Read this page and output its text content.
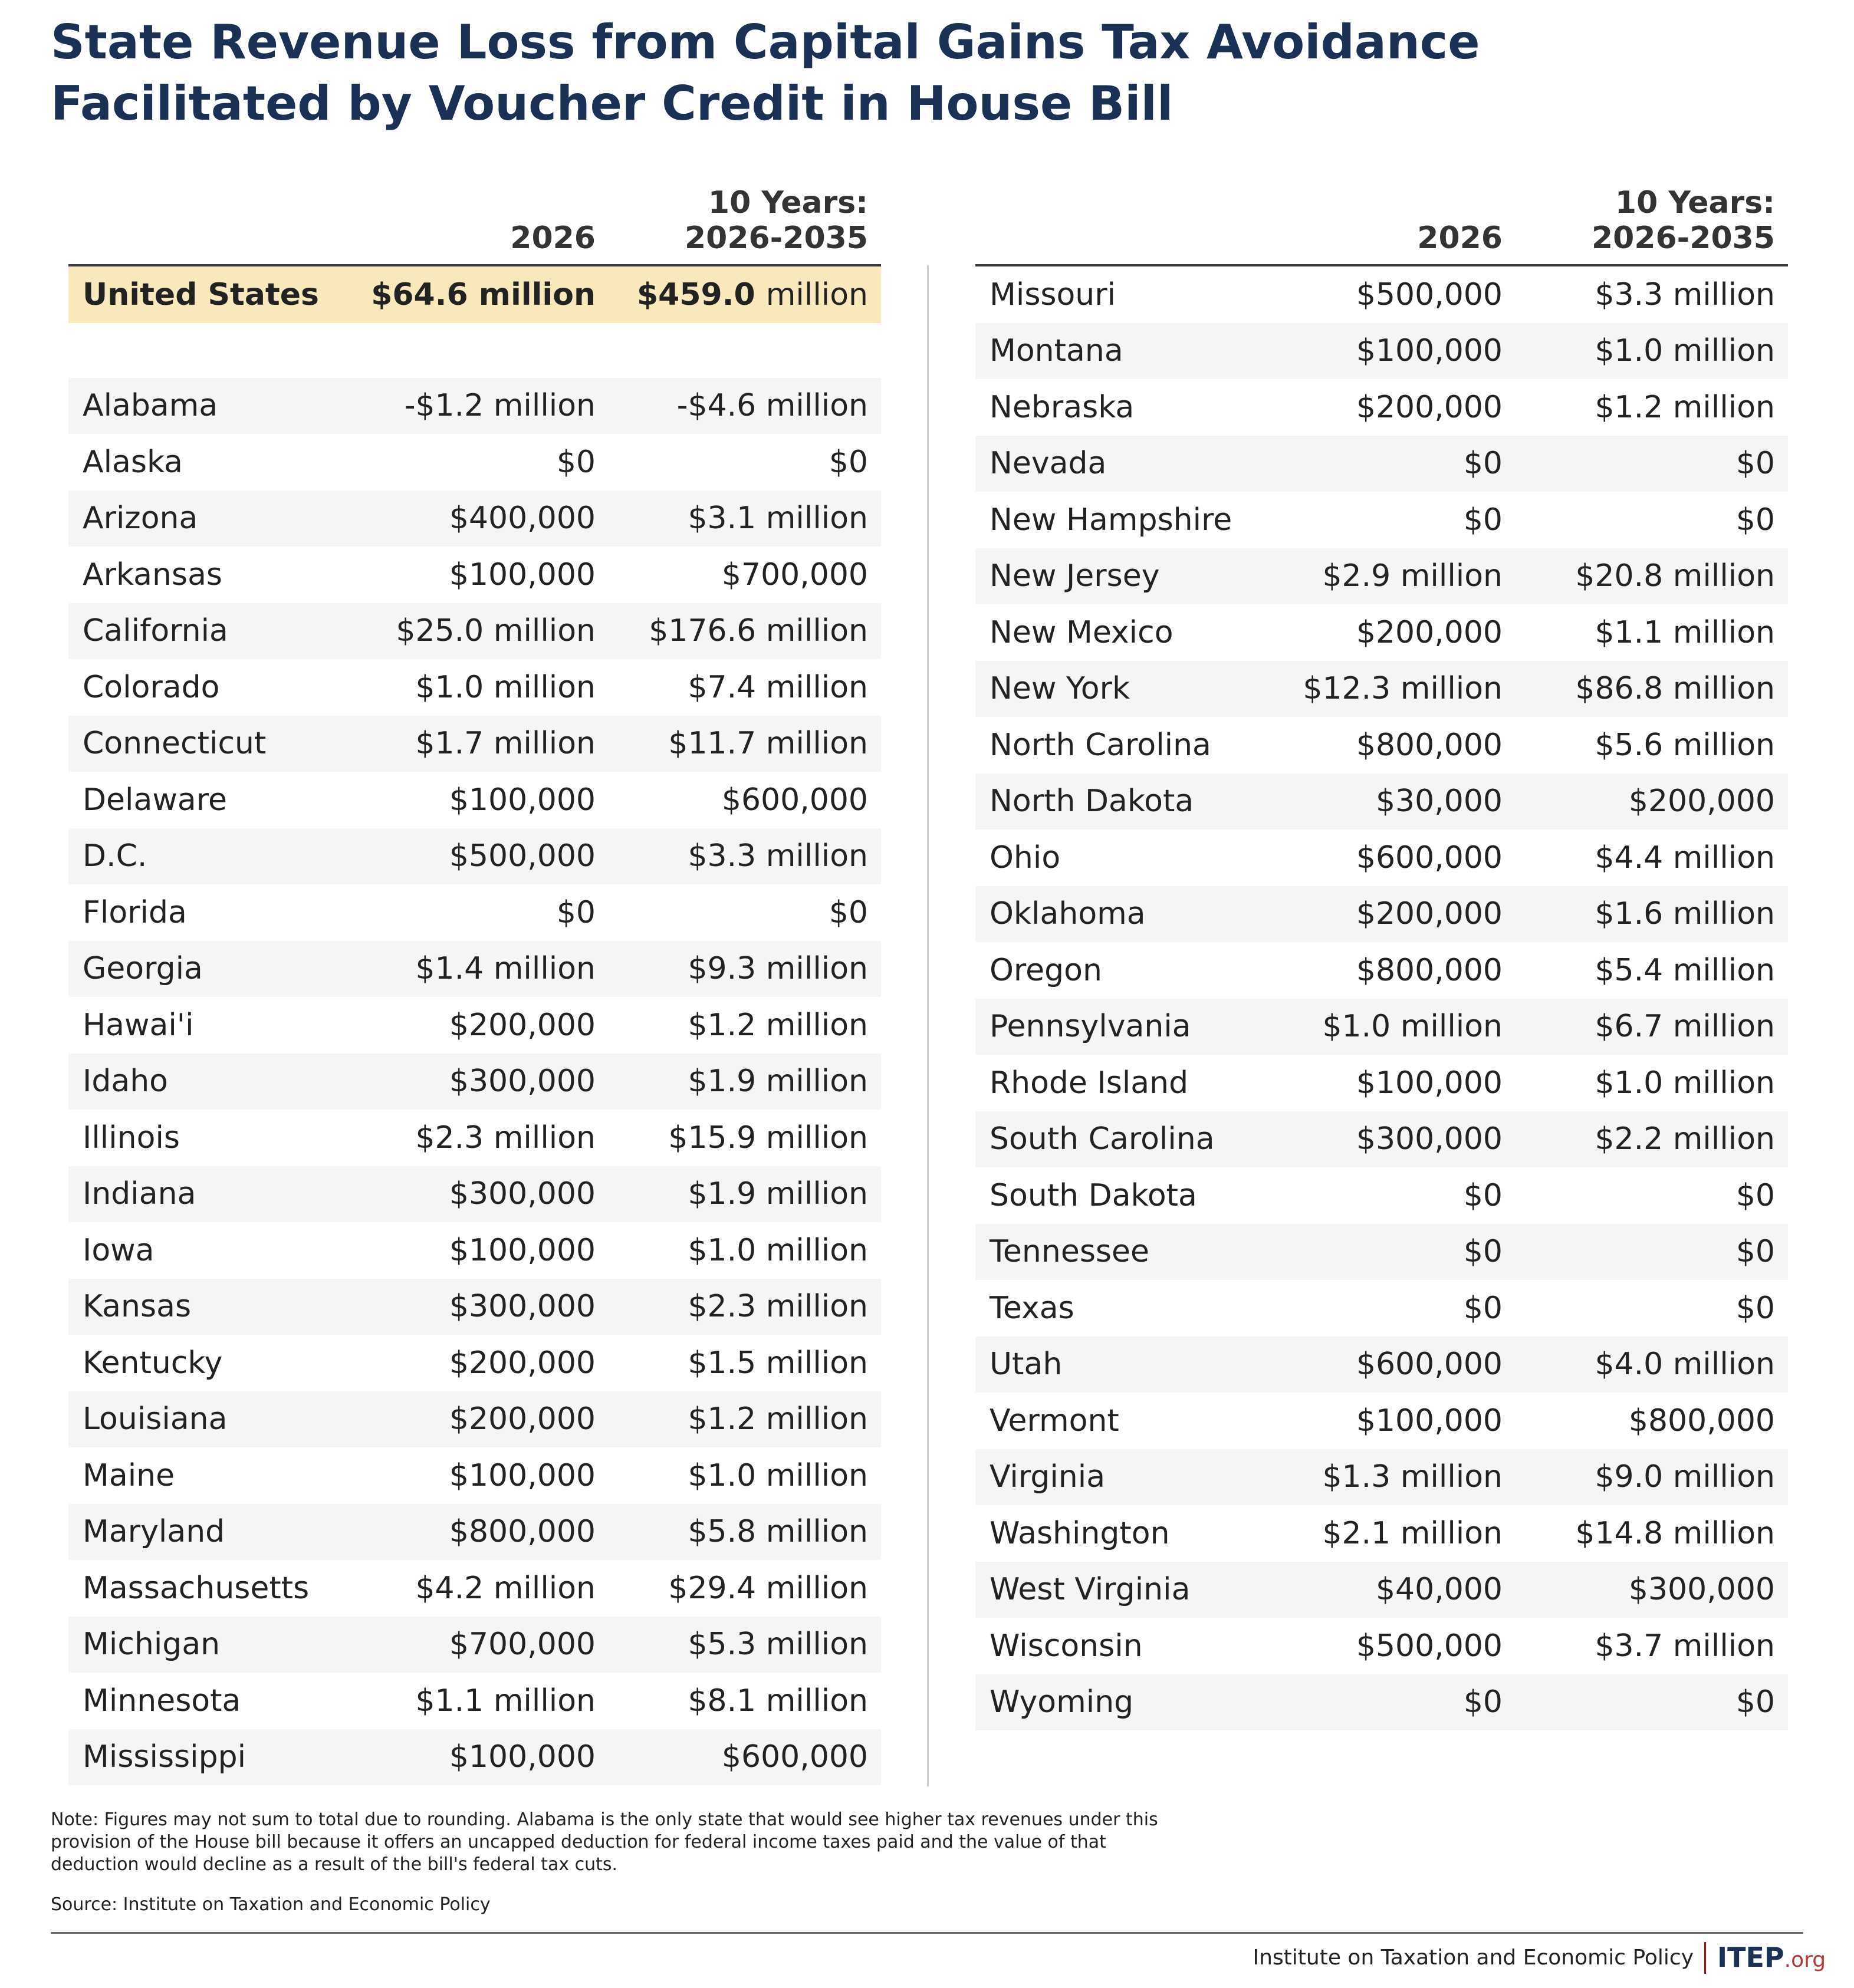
State Revenue Loss from Capital Gains Tax Avoidance
Facilitated by Voucher Credit in House Bill
2026
10 Years:
2026-2035
United States $64.6 million $459.0 million
Alabama	-$1.2 million	-$4.6 million
Alaska	$0	$0
Arizona	$400,000	$3.1 million
Arkansas	$100,000	$700,000
California	$25.0 million $176.6 million
Colorado	$1.0 million	$7.4 million
Connecticut	$1.7 million $11.7 million
Delaware	$100,000	$600,000
D.C.	$500,000	$3.3 million
Florida	$0	$0
Georgia	$1.4 million	$9.3 million
Hawai'i	$200,000	$1.2 million
Idaho	$300,000	$1.9 million
Illinois	$2.3 million $15.9 million
Indiana	$300,000	$1.9 million
Iowa	$100,000	$1.0 million
Kansas	$300,000	$2.3 million
Kentucky	$200,000	$1.5 million
Louisiana	$200,000	$1.2 million
Maine	$100,000	$1.0 million
Maryland	$800,000	$5.8 million
Massachusetts	$4.2 million $29.4 million
Michigan	$700,000	$5.3 million
Minnesota	$1.1 million	$8.1 million
Mississippi	$100,000	$600,000
2026
10 Years:
2026-2035
Missouri	$500,000	$3.3 million
Montana	$100,000	$1.0 million
Nebraska	$200,000	$1.2 million
Nevada	$0	$0
New Hampshire	$0	$0
New Jersey	$2.9 million $20.8 million
New Mexico	$200,000	$1.1 million
New York	$12.3 million $86.8 million
North Carolina	$800,000	$5.6 million
North Dakota	$30,000	$200,000
Ohio	$600,000	$4.4 million
Oklahoma	$200,000	$1.6 million
Oregon	$800,000	$5.4 million
Pennsylvania	$1.0 million	$6.7 million
Rhode Island	$100,000	$1.0 million
South Carolina	$300,000	$2.2 million
South Dakota	$0	$0
Tennessee	$0	$0
Texas	$0	$0
Utah	$600,000	$4.0 million
Vermont	$100,000	$800,000
Virginia	$1.3 million	$9.0 million
Washington	$2.1 million $14.8 million
West Virginia	$40,000	$300,000
Wisconsin	$500,000	$3.7 million
Wyoming	$0	$0

Note: Figures may not sum to total due to rounding. Alabama is the only state that would see higher tax revenues under this provision of the House bill because it offers an uncapped deduction for federal income taxes paid and the value of that deduction would decline as a result of the bill's federal tax cuts.

Source: Institute on Taxation and Economic Policy

Institute on Taxation and Economic Policy ITEP.org
